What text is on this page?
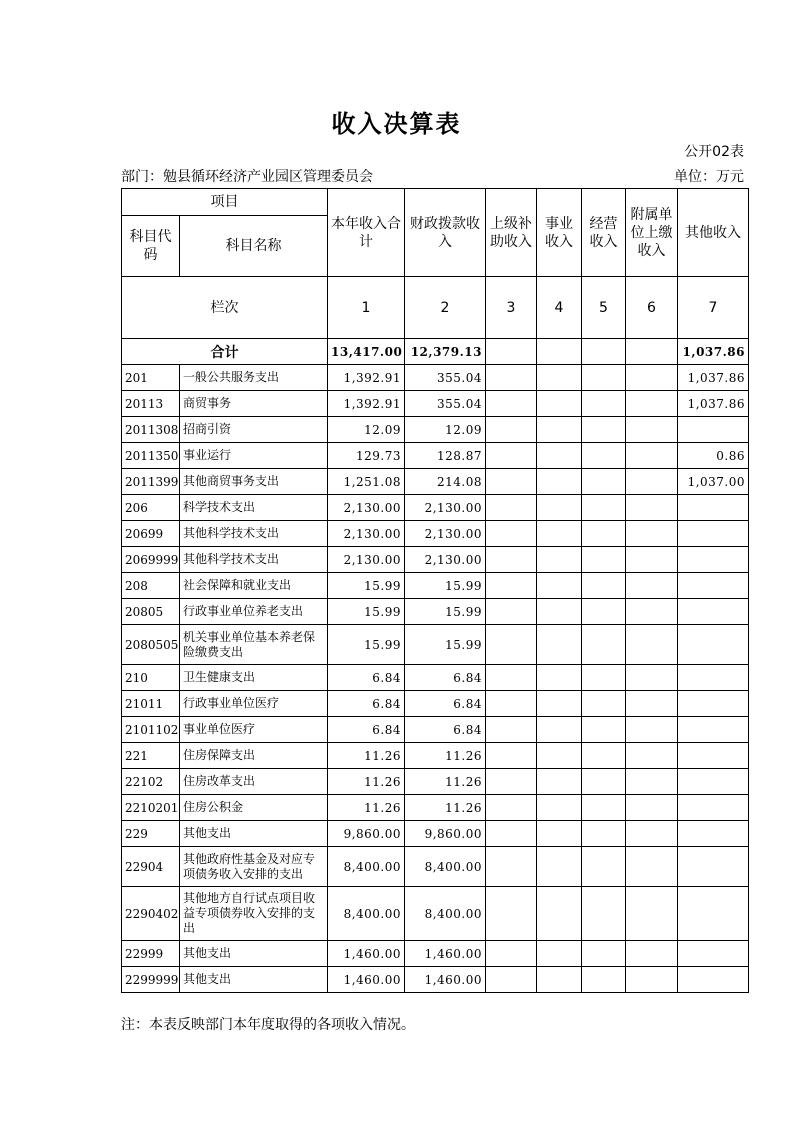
收入决算表
公开02表
部门：勉县循环经济产业园区管理委员会	单位：万元
项目		本年收入合计	财政拨款收入	上级补助收入	事业收入	经营收入	附属单位上缴收入	其他收入
科目代码	科目名称							
栏次		1	2	3	4	5	6	7
合计		13,417.00	12,379.13					1,037.86
201	一般公共服务支出	1,392.91	355.04					1,037.86
20113	商贸事务	1,392.91	355.04					1,037.86
2011308	招商引资	12.09	12.09					
2011350	事业运行	129.73	128.87					0.86
2011399	其他商贸事务支出	1,251.08	214.08					1,037.00
206	科学技术支出	2,130.00	2,130.00					
20699	其他科学技术支出	2,130.00	2,130.00					
2069999	其他科学技术支出	2,130.00	2,130.00					
208	社会保障和就业支出	15.99	15.99					
20805	行政事业单位养老支出	15.99	15.99					
2080505	机关事业单位基本养老保险缴费支出	15.99	15.99					
210	卫生健康支出	6.84	6.84					
21011	行政事业单位医疗	6.84	6.84					
2101102	事业单位医疗	6.84	6.84					
221	住房保障支出	11.26	11.26					
22102	住房改革支出	11.26	11.26					
2210201	住房公积金	11.26	11.26					
229	其他支出	9,860.00	9,860.00					
22904	其他政府性基金及对应专项债务收入安排的支出	8,400.00	8,400.00					
2290402	其他地方自行试点项目收益专项债券收入安排的支出	8,400.00	8,400.00					
22999	其他支出	1,460.00	1,460.00					
2299999	其他支出	1,460.00	1,460.00					
注：本表反映部门本年度取得的各项收入情况。
